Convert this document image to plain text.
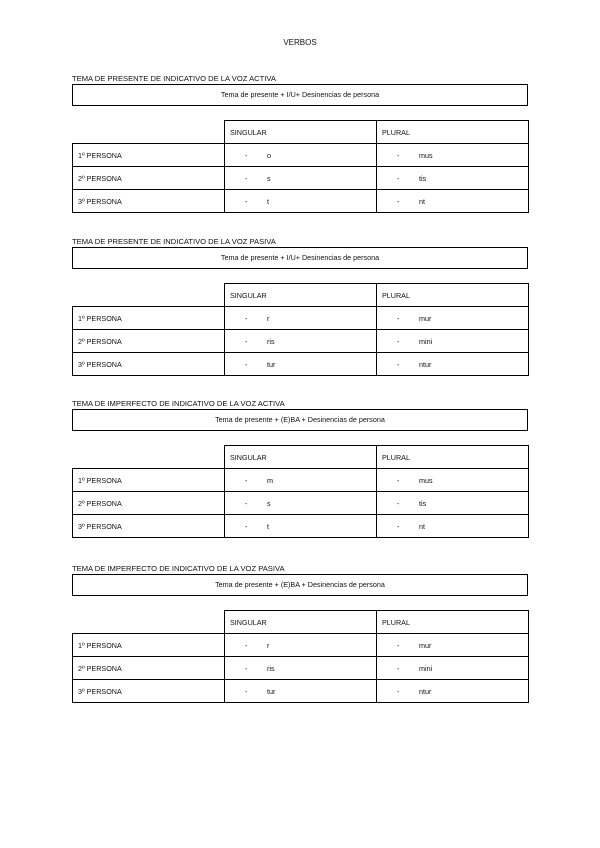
VERBOS
TEMA DE PRESENTE DE INDICATIVO DE LA VOZ ACTIVA
Tema de presente + I/U+ Desinencias de persona
	SINGULAR	PLURAL
1º PERSONA	- o	- mus
2º PERSONA	- s	- tis
3º PERSONA	- t	- nt
TEMA DE PRESENTE DE INDICATIVO DE LA VOZ PASIVA
Tema de presente + I/U+ Desinencias de persona
	SINGULAR	PLURAL
1º PERSONA	- r	- mur
2º PERSONA	- ris	- mini
3º PERSONA	- tur	- ntur
TEMA DE IMPERFECTO DE INDICATIVO DE LA VOZ ACTIVA
Tema de presente + (E)BA + Desinencias de persona
	SINGULAR	PLURAL
1º PERSONA	- m	- mus
2º PERSONA	- s	- tis
3º PERSONA	- t	- nt
TEMA DE IMPERFECTO DE INDICATIVO DE LA VOZ PASIVA
Tema de presente + (E)BA + Desinencias de persona
	SINGULAR	PLURAL
1º PERSONA	- r	- mur
2º PERSONA	- ris	- mini
3º PERSONA	- tur	- ntur
